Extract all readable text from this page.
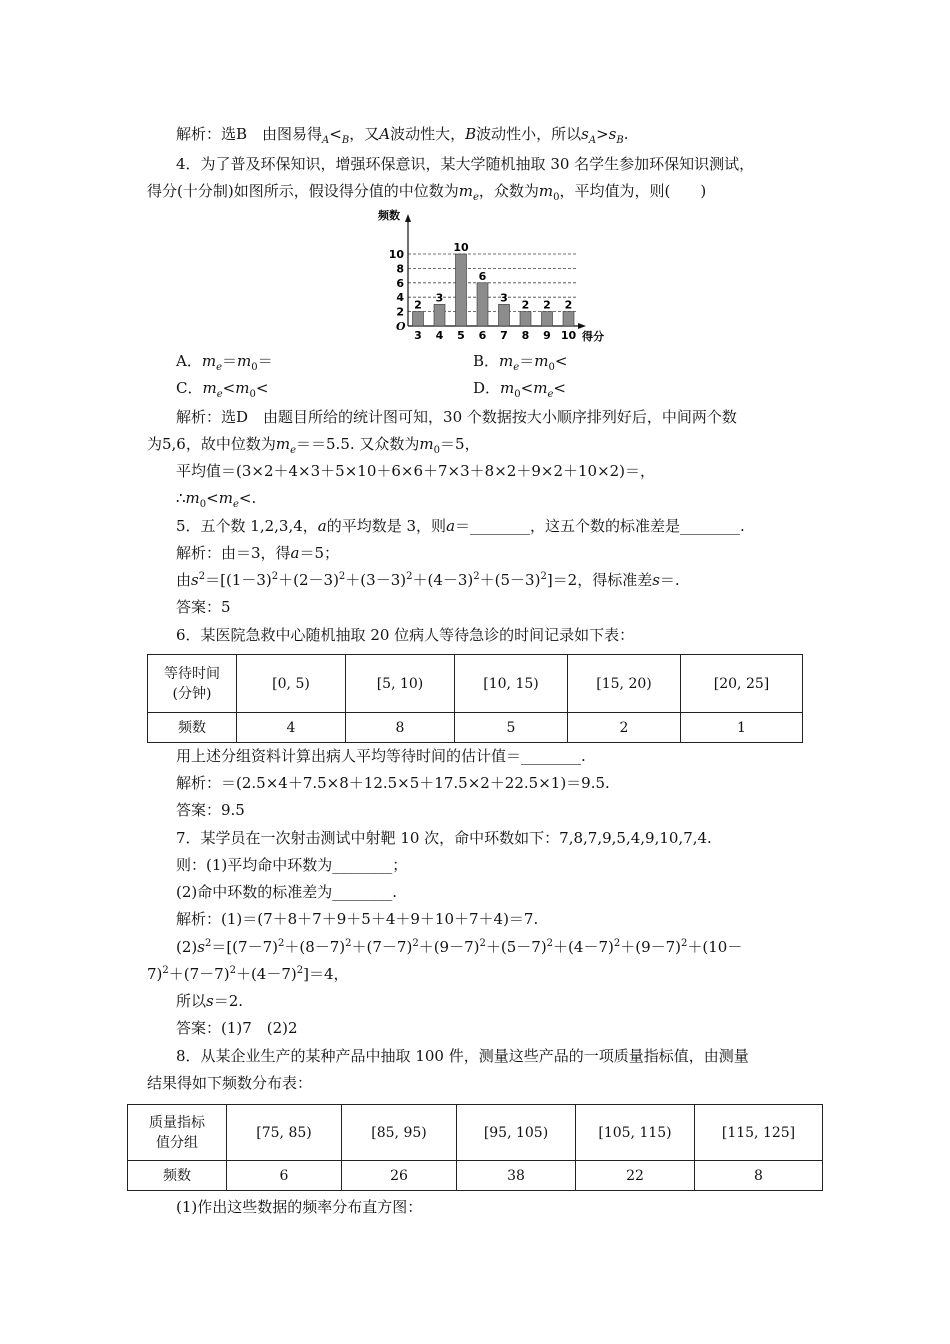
解析：选B　由图易得$_A<_B$，又A波动性大，B波动性小，所以$s_A>s_B$.

4．为了普及环保知识，增强环保意识，某大学随机抽取 30 名学生参加环保知识测试，

得分(十分制)如图所示，假设得分值的中位数为$m_e$，众数为$m_0$，平均值为，则(　　)

2
4
6
8
10
频数
得分
O
2
3
3
4
10
5
6
6
3
7
2
8
2
9
2
10

A．$m_e=m_0=$	B．$m_e=m_0<$

C．$m_e<m_0<$	D．$m_0<m_e<$

解析：选D　由题目所给的统计图可知，30 个数据按大小顺序排列好后，中间两个数

为5,6，故中位数为$m_e==5.5$. 又众数为$m_0=5$，

平均值＝(3×2＋4×3＋5×10＋6×6＋7×3＋8×2＋9×2＋10×2)＝，

$\therefore m_0<m_e<$.

5．五个数 1,2,3,4，a的平均数是 3，则a＝________，这五个数的标准差是________.

解析：由＝3，得a＝5；

由$s^2=[(1-3)^2+(2-3)^2+(3-3)^2+(4-3)^2+(5-3)^2]=2$，得标准差s＝.

答案：5

6．某医院急救中心随机抽取 20 位病人等待急诊的时间记录如下表：

等待时间
(分钟)	[0, 5)	[5, 10)	[10, 15)	[15, 20)	[20, 25]
频数	4	8	5	2	1

用上述分组资料计算出病人平均等待时间的估计值＝________.

解析：＝(2.5×4＋7.5×8＋12.5×5＋17.5×2＋22.5×1)＝9.5.

答案：9.5

7．某学员在一次射击测试中射靶 10 次，命中环数如下：7,8,7,9,5,4,9,10,7,4.

则：(1)平均命中环数为________；

(2)命中环数的标准差为________.

解析：(1)＝(7＋8＋7＋9＋5＋4＋9＋10＋7＋4)＝7.

$(2)s^2=[(7-7)^2+(8-7)^2+(7-7)^2+(9-7)^2+(5-7)^2+(4-7)^2+(9-7)^2+(10-$

$7)^2+(7-7)^2+(4-7)^2]=4$，

所以s＝2.

答案：(1)7　(2)2

8．从某企业生产的某种产品中抽取 100 件，测量这些产品的一项质量指标值，由测量

结果得如下频数分布表：

质量指标
值分组	[75, 85)	[85, 95)	[95, 105)	[105, 115)	[115, 125]
频数	6	26	38	22	8

(1)作出这些数据的频率分布直方图：
